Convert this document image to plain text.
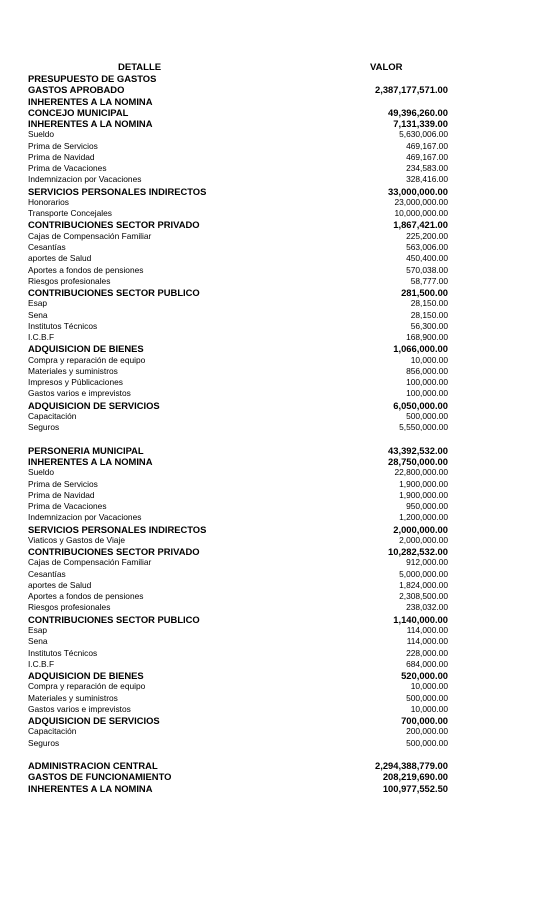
DETALLE	VALOR
PRESUPUESTO DE GASTOS
GASTOS APROBADO	2,387,177,571.00
INHERENTES A LA NOMINA
CONCEJO MUNICIPAL	49,396,260.00
INHERENTES A LA NOMINA	7,131,339.00
Sueldo	5,630,006.00
Prima de Servicios	469,167.00
Prima de Navidad	469,167.00
Prima de Vacaciones	234,583.00
Indemnizacion por Vacaciones	328,416.00
SERVICIOS PERSONALES INDIRECTOS	33,000,000.00
Honorarios	23,000,000.00
Transporte Concejales	10,000,000.00
CONTRIBUCIONES SECTOR PRIVADO	1,867,421.00
Cajas de Compensación Familiar	225,200.00
Cesantías	563,006.00
aportes de Salud	450,400.00
Aportes a fondos de pensiones	570,038.00
Riesgos profesionales	58,777.00
CONTRIBUCIONES SECTOR PUBLICO	281,500.00
Esap	28,150.00
Sena	28,150.00
Institutos Técnicos	56,300.00
I.C.B.F	168,900.00
ADQUISICION DE BIENES	1,066,000.00
Compra y reparación de equipo	10,000.00
Materiales y suministros	856,000.00
Impresos y Públicaciones	100,000.00
Gastos varios e imprevistos	100,000.00
ADQUISICION DE SERVICIOS	6,050,000.00
Capacitación	500,000.00
Seguros	5,550,000.00
PERSONERIA MUNICIPAL	43,392,532.00
INHERENTES A LA NOMINA	28,750,000.00
Sueldo	22,800,000.00
Prima de Servicios	1,900,000.00
Prima de Navidad	1,900,000.00
Prima de Vacaciones	950,000.00
Indemnizacion por Vacaciones	1,200,000.00
SERVICIOS PERSONALES INDIRECTOS	2,000,000.00
Viaticos y Gastos de Viaje	2,000,000.00
CONTRIBUCIONES SECTOR PRIVADO	10,282,532.00
Cajas de Compensación Familiar	912,000.00
Cesantías	5,000,000.00
aportes de Salud	1,824,000.00
Aportes a fondos de pensiones	2,308,500.00
Riesgos profesionales	238,032.00
CONTRIBUCIONES SECTOR PUBLICO	1,140,000.00
Esap	114,000.00
Sena	114,000.00
Institutos Técnicos	228,000.00
I.C.B.F	684,000.00
ADQUISICION DE BIENES	520,000.00
Compra y reparación de equipo	10,000.00
Materiales y suministros	500,000.00
Gastos varios e imprevistos	10,000.00
ADQUISICION DE SERVICIOS	700,000.00
Capacitación	200,000.00
Seguros	500,000.00
ADMINISTRACION CENTRAL	2,294,388,779.00
GASTOS DE FUNCIONAMIENTO	208,219,690.00
INHERENTES A LA NOMINA	100,977,552.50
